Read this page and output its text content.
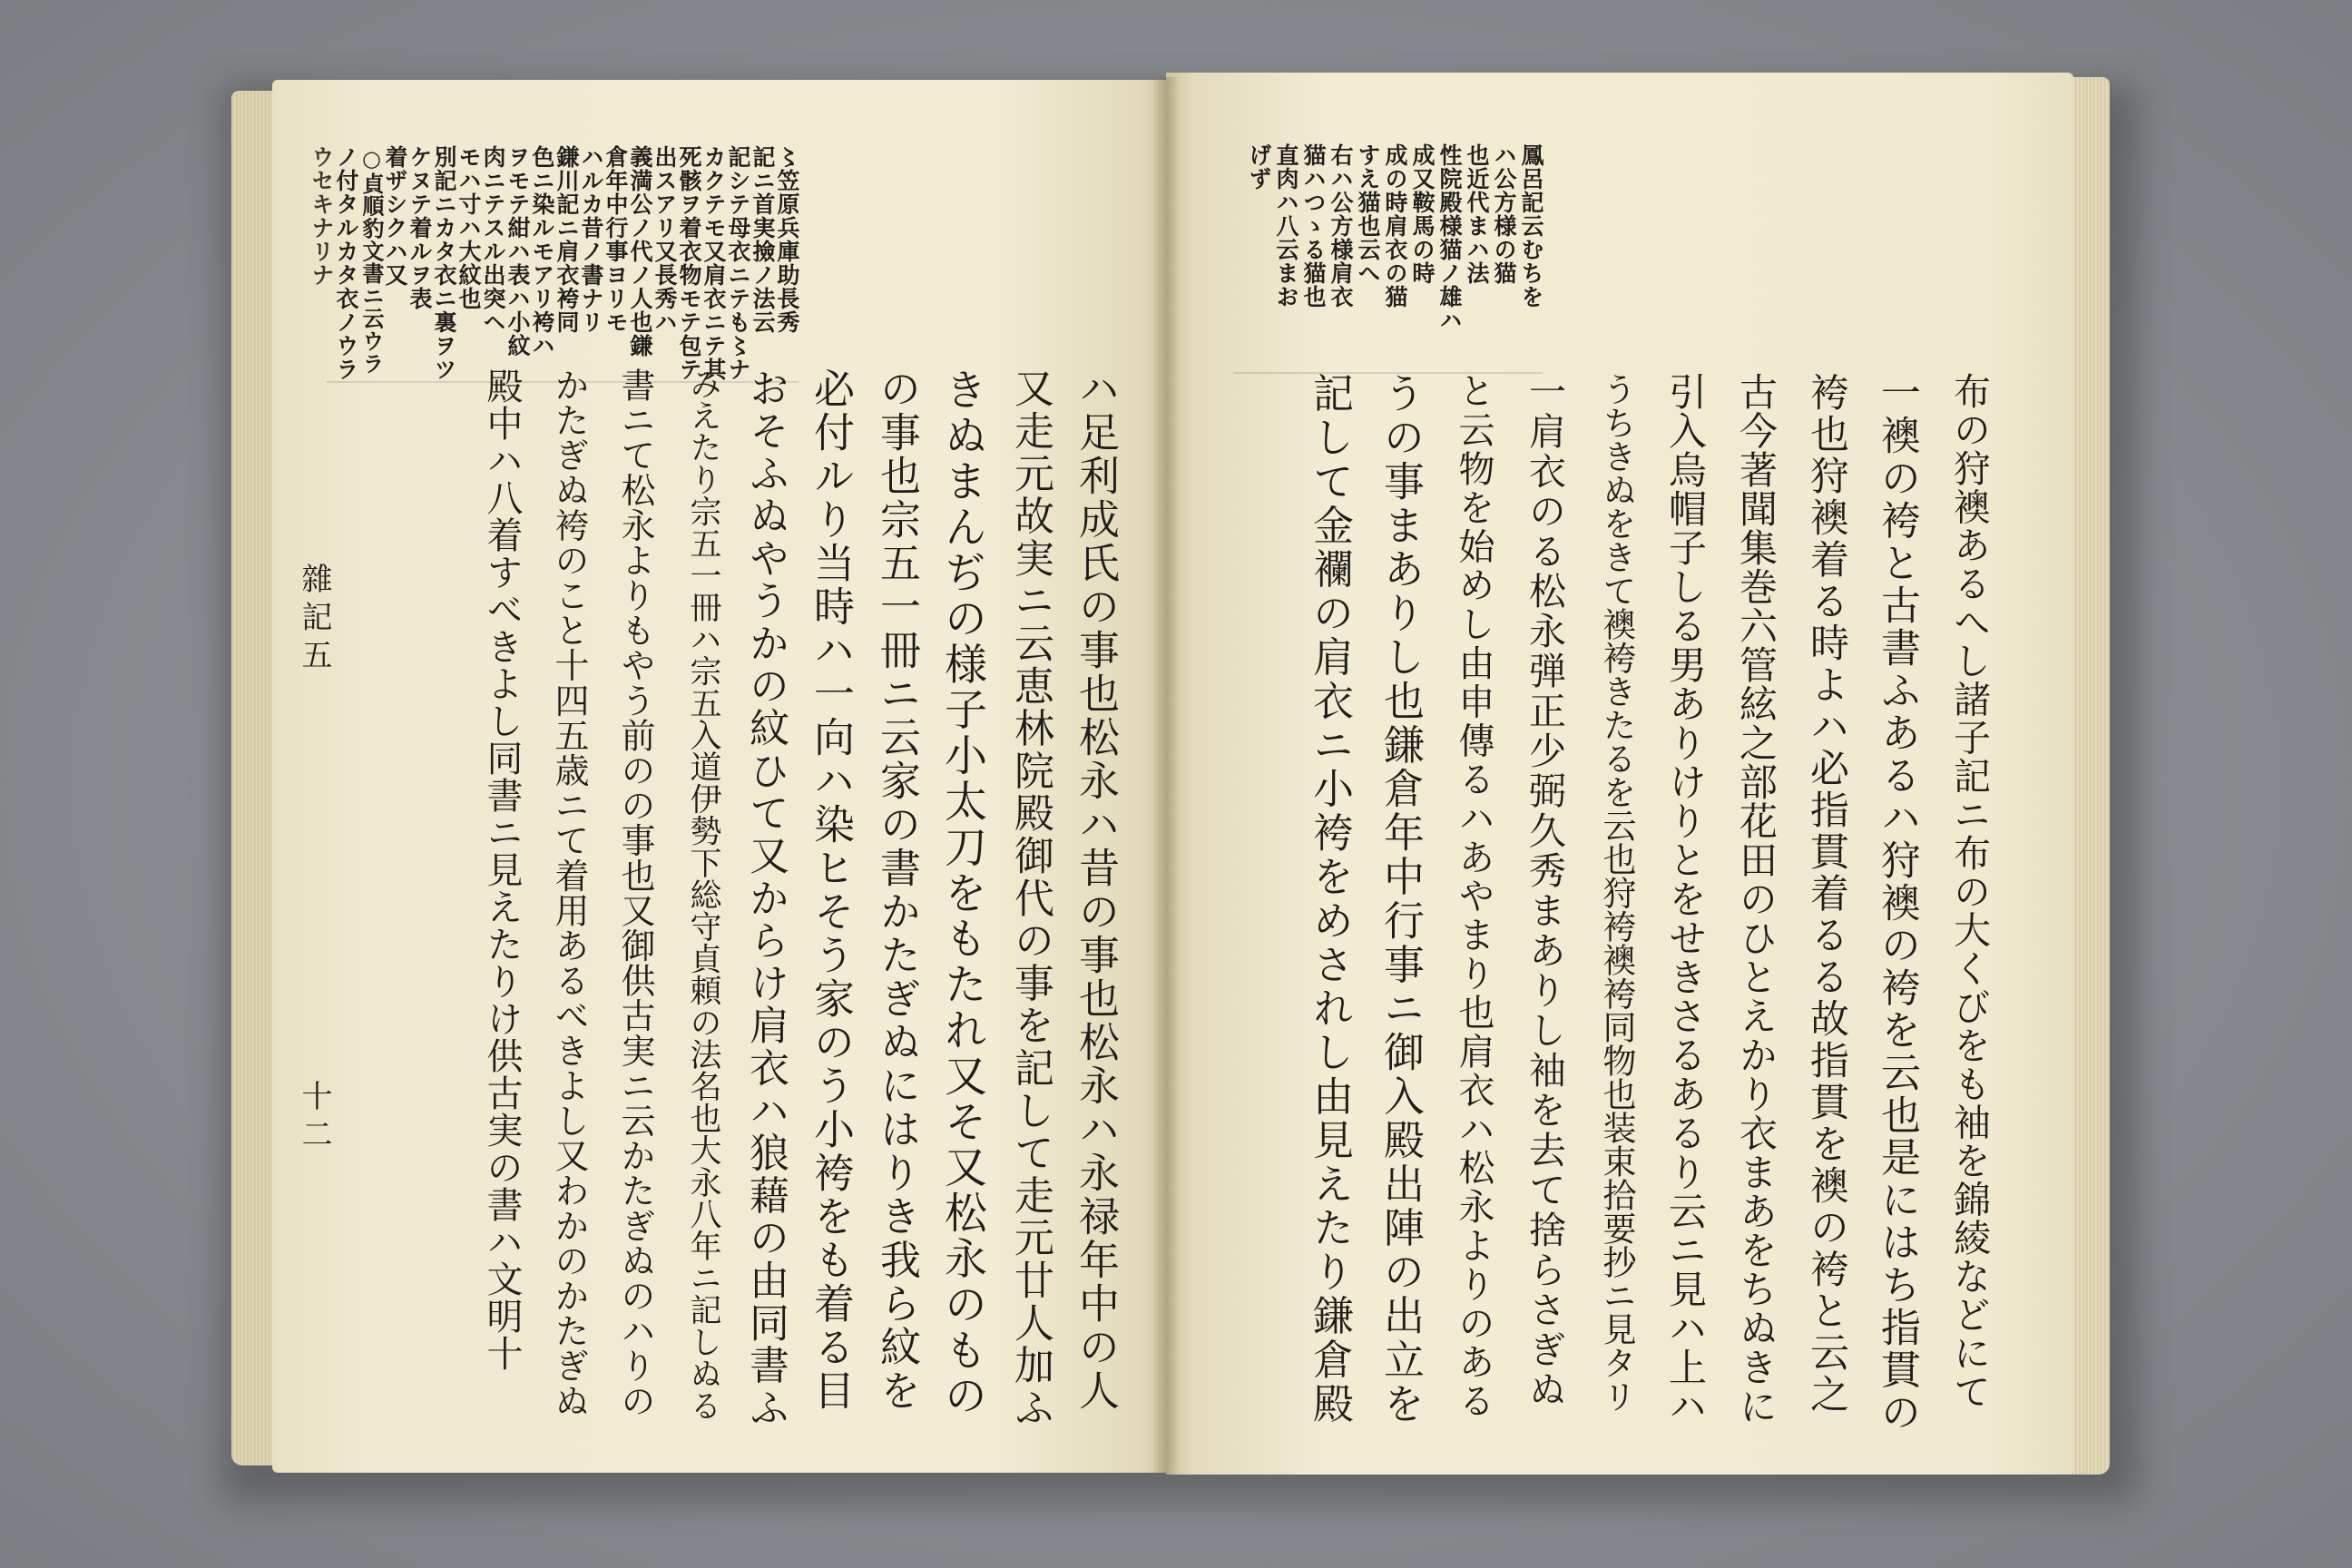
〻笠原兵庫助長秀
記ニ首実撿ノ法云
記シテ母衣ニテも〻ナ
カクテモ又肩衣ニテ其
死骸ヲ着衣物モテ包テ
出スアリ又長秀ハ
義満公ノ代ノ人也鎌
倉年中行事ヨリモ
ハルカ昔ノ書ナリ
鎌川記ニ肩衣袴同
色ニ染ルモアリ袴ハ
ヲモテ紺ハ表ハ小紋
肉ニテスル出突ヘ
モハ寸ハ大紋也
別記ニカタ衣ニ裏ヲツ
ケヌテ着ルヲ表
着ザシクハ又
○貞順豹文書ニ云ウラ
ノ付タルカタ衣ノウラ
ウセキナリナ
ハ足利成氏の事也松永ハ昔の事也松永ハ永禄年中の人
又走元故実ニ云恵林院殿御代の事を記して走元廿人加ふ
きぬまんぢの様子小太刀をもたれ又そ又松永のもの
の事也宗五一冊ニ云家の書かたぎぬにはりき我ら紋を
必付ルり当時ハ一向ハ染ヒそう家のう小袴をも着る目
おそふぬやうかの紋ひて又からけ肩衣ハ狼藉の由同書ふ
みえたり宗五一冊ハ宗五入道伊勢下総守貞頼の法名也大永八年ニ記しぬる
書ニて松永よりもやう前のの事也又御供古実ニ云かたぎぬのハりの
かたぎぬ袴のこと十四五歳ニて着用あるべきよし又わかのかたぎぬ
殿中ハ八着すべきよし同書ニ見えたりけ供古実の書ハ文明十
雜記五
十二
鳳呂記云むちを
ハ公方様の猫
也近代まハ法
性院殿様猫ノ雄ハ
成又鞍馬の時
成の時肩衣の猫
すえ猫也云へ
右ハ公方様肩衣
猫ハつゝる猫也
直肉ハ八云まお
げず
布の狩襖あるへし諸子記ニ布の大くびをも袖を錦綾などにて
一襖の袴と古書ふあるハ狩襖の袴を云也是にはち指貫の
袴也狩襖着る時よハ必指貫着るる故指貫を襖の袴と云之
古今著聞集巻六管絃之部花田のひとえかり衣まあをちぬきに
引入烏帽子しる男ありけりとをせきさるあるり云ニ見ハ上ハ
うちきぬをきて襖袴きたるを云也狩袴襖袴同物也装束拾要抄ニ見タリ
一肩衣のる松永弾正少弼久秀まありし袖を去て捨らさぎぬ
と云物を始めし由申傳るハあやまり也肩衣ハ松永よりのある
うの事まありし也鎌倉年中行事ニ御入殿出陣の出立を
記して金襴の肩衣ニ小袴をめされし由見えたり鎌倉殿
